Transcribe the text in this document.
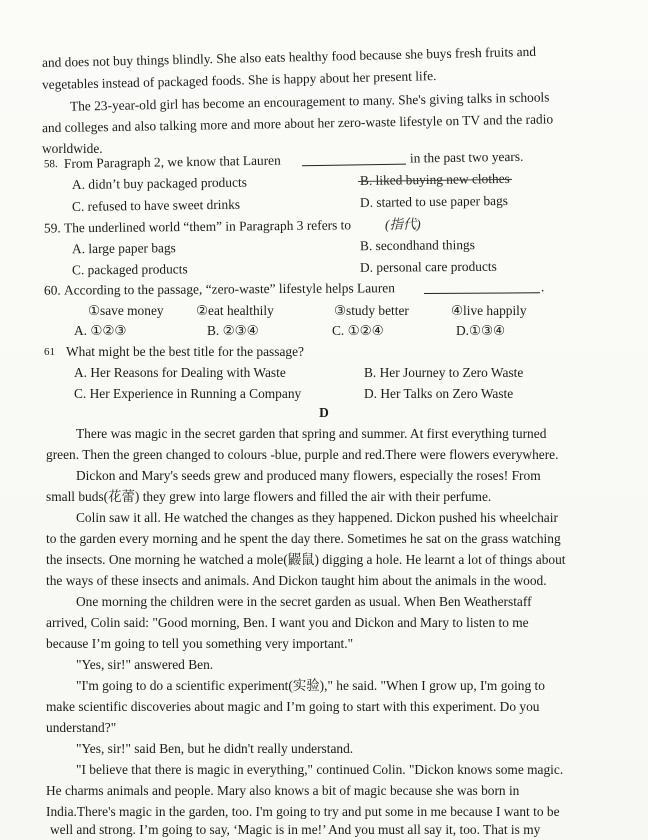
and does not buy things blindly. She also eats healthy food because she buys fresh fruits and
vegetables instead of packaged foods. She is happy about her present life.
The 23-year-old girl has become an encouragement to many. She's giving talks in schools
and colleges and also talking more and more about her zero-waste lifestyle on TV and the radio
worldwide.
58. From Paragraph 2, we know that Lauren	in the past two years.
A. didn’t buy packaged products	B. liked buying new clothes
C. refused to have sweet drinks	D. started to use paper bags
59. The underlined world “them” in Paragraph 3 refers to	(指代)
A. large paper bags	B. secondhand things
C. packaged products	D. personal care products
60. According to the passage, “zero-waste” lifestyle helps Lauren	.
①save money ②eat healthily	③study better	④live happily
A. ①②③	B. ②③④	C. ①②④	D.①③④
61 What might be the best title for the passage?
A. Her Reasons for Dealing with Waste	B. Her Journey to Zero Waste
C. Her Experience in Running a Company	D. Her Talks on Zero Waste
D
There was magic in the secret garden that spring and summer. At first everything turned
green. Then the green changed to colours -blue, purple and red.There were flowers everywhere.
Dickon and Mary's seeds grew and produced many flowers, especially the roses! From
small buds(花蕾) they grew into large flowers and filled the air with their perfume.
Colin saw it all. He watched the changes as they happened. Dickon pushed his wheelchair
to the garden every morning and he spent the day there. Sometimes he sat on the grass watching
the insects. One morning he watched a mole(鼹鼠) digging a hole. He learnt a lot of things about
the ways of these insects and animals. And Dickon taught him about the animals in the wood.
One morning the children were in the secret garden as usual. When Ben Weatherstaff
arrived, Colin said: "Good morning, Ben. I want you and Dickon and Mary to listen to me
because I’m going to tell you something very important."
"Yes, sir!" answered Ben.
"I'm going to do a scientific experiment(实验)," he said. "When I grow up, I'm going to
make scientific discoveries about magic and I’m going to start with this experiment. Do you
understand?"
"Yes, sir!" said Ben, but he didn't really understand.
"I believe that there is magic in everything," continued Colin. "Dickon knows some magic.
He charms animals and people. Mary also knows a bit of magic because she was born in
India.There's magic in the garden, too. I'm going to try and put some in me because I want to be
well and strong. I’m going to say, ‘Magic is in me!’ And you must all say it, too. That is my
